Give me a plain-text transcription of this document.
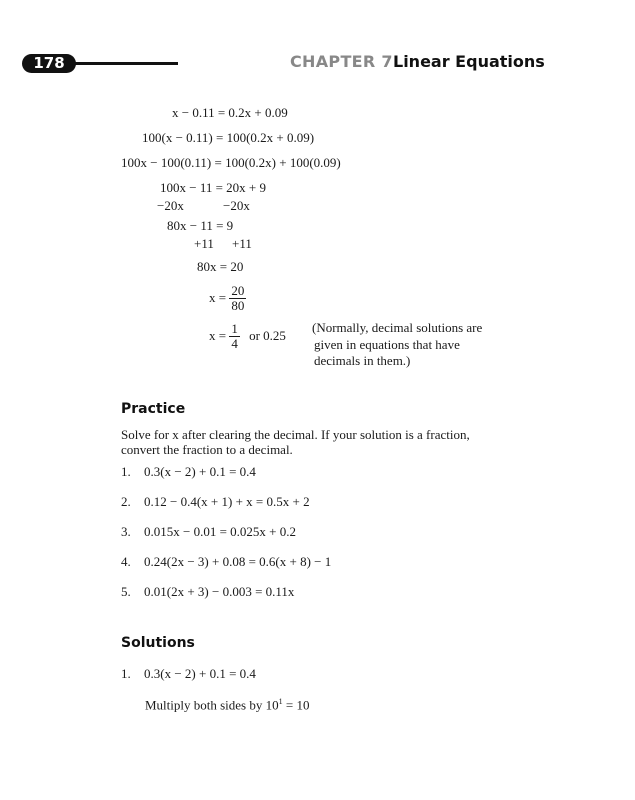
178	CHAPTER 7 Linear Equations
x − 0.11 = 0.2x + 0.09
100(x − 0.11) = 100(0.2x + 0.09)
100x − 100(0.11) = 100(0.2x) + 100(0.09)
100x − 11 = 20x + 9
−20x	−20x
80x − 11 = 9
+11 +11
80x = 20
$x = \frac{20}{80}$
$x = \frac{1}{4}$ or 0.25
(Normally, decimal solutions are
given in equations that have
decimals in them.)
Practice
Solve for x after clearing the decimal. If your solution is a fraction,
convert the fraction to a decimal.
1. 0.3(x − 2) + 0.1 = 0.4
2. 0.12 − 0.4(x + 1) + x = 0.5x + 2
3. 0.015x − 0.01 = 0.025x + 0.2
4. 0.24(2x − 3) + 0.08 = 0.6(x + 8) − 1
5. 0.01(2x + 3) − 0.003 = 0.11x
Solutions
1. 0.3(x − 2) + 0.1 = 0.4
Multiply both sides by $10^1 = 10$
